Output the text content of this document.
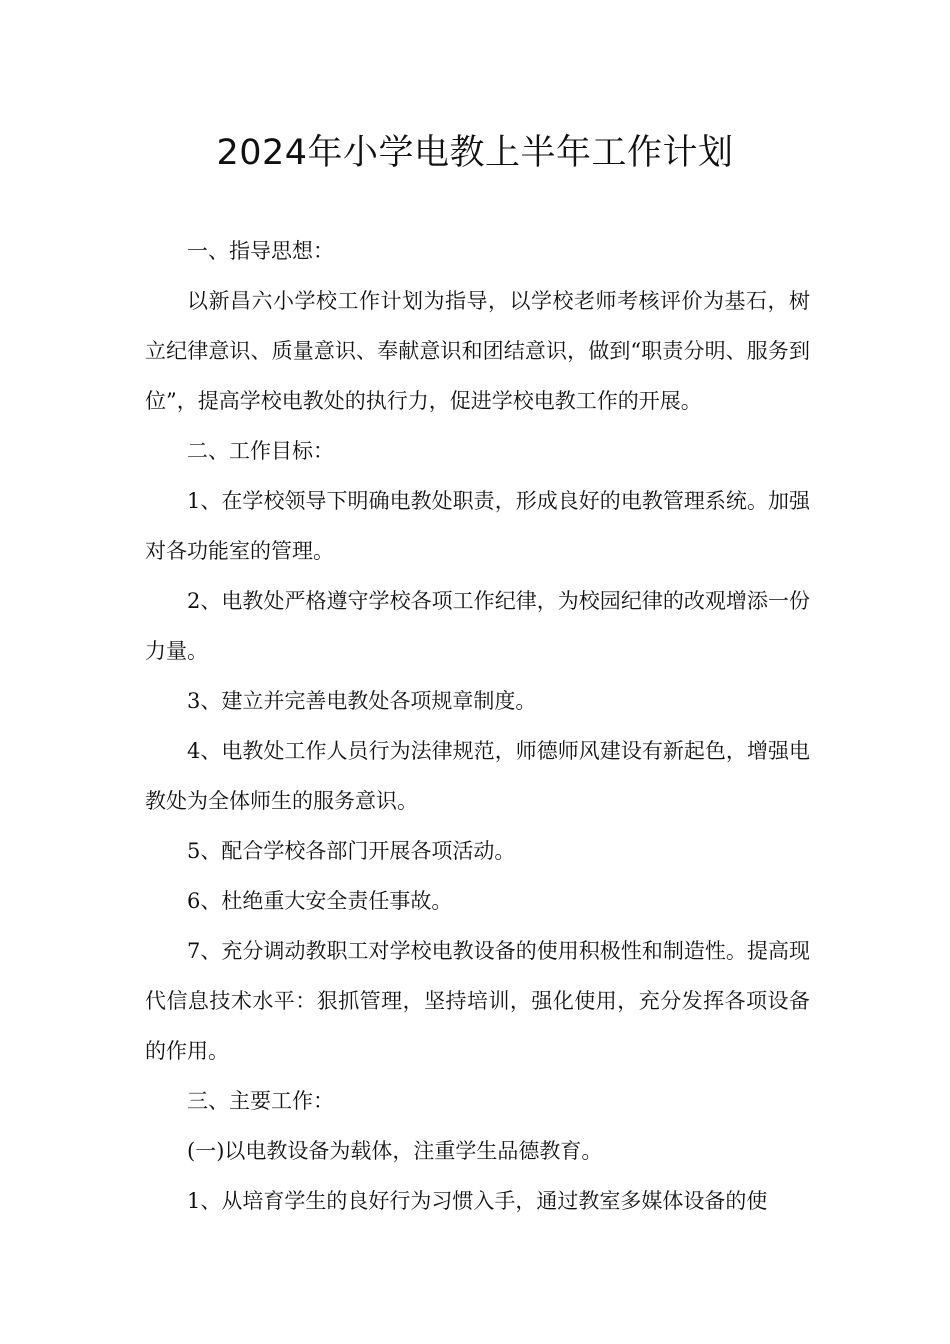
2024年小学电教上半年工作计划

一、指导思想：

以新昌六小学校工作计划为指导，以学校老师考核评价为基石，树立纪律意识、质量意识、奉献意识和团结意识，做到“职责分明、服务到位”，提高学校电教处的执行力，促进学校电教工作的开展。

二、工作目标：

1、在学校领导下明确电教处职责，形成良好的电教管理系统。加强对各功能室的管理。

2、电教处严格遵守学校各项工作纪律，为校园纪律的改观增添一份力量。

3、建立并完善电教处各项规章制度。

4、电教处工作人员行为法律规范，师德师风建设有新起色，增强电教处为全体师生的服务意识。

5、配合学校各部门开展各项活动。

6、杜绝重大安全责任事故。

7、充分调动教职工对学校电教设备的使用积极性和制造性。提高现代信息技术水平：狠抓管理，坚持培训，强化使用，充分发挥各项设备的作用。

三、主要工作：

(一)以电教设备为载体，注重学生品德教育。

1、从培育学生的良好行为习惯入手，通过教室多媒体设备的使
